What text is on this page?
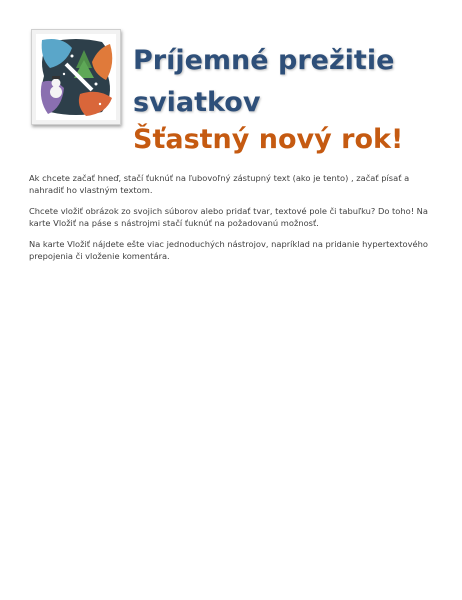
Príjemné prežitie
sviatkov
Šťastný nový rok!

Ak chcete začať hneď, stačí ťuknúť na ľubovoľný zástupný text (ako je tento) , začať písať a nahradiť ho vlastným textom.

Chcete vložiť obrázok zo svojich súborov alebo pridať tvar, textové pole či tabuľku? Do toho! Na karte Vložiť na páse s nástrojmi stačí ťuknúť na požadovanú možnosť.

Na karte Vložiť nájdete ešte viac jednoduchých nástrojov, napríklad na pridanie hypertextového prepojenia či vloženie komentára.
